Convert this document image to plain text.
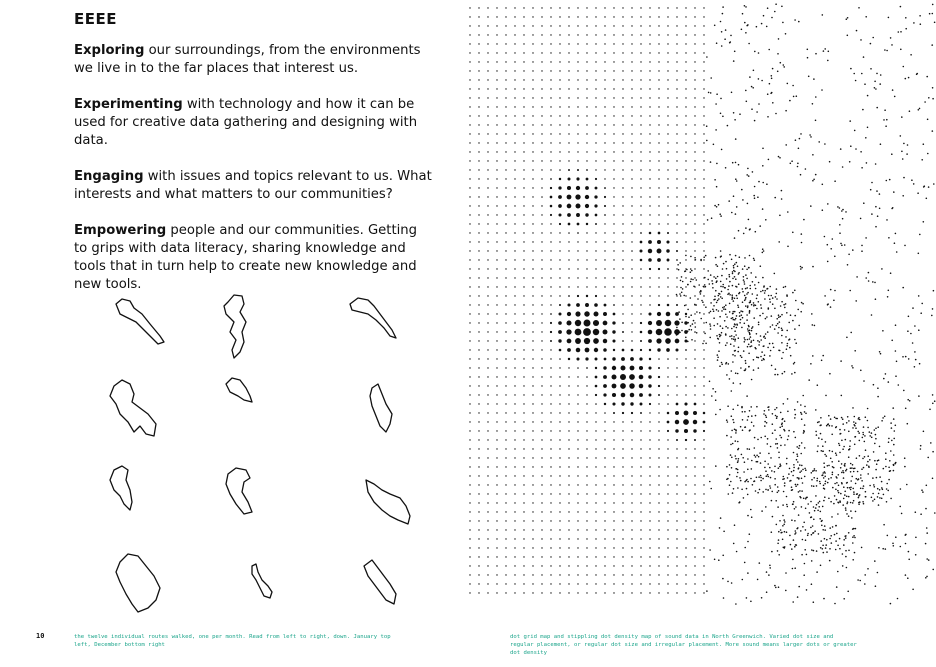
EEEE

Exploring our surroundings, from the environments we live in to the far places that interest us.

Experimenting with technology and how it can be used for creative data gathering and designing with data.

Engaging with issues and topics relevant to us. What interests and what matters to our communities?

Empowering people and our communities. Getting to grips with data literacy, sharing knowledge and tools that in turn help to create new knowledge and new tools.

10	the twelve individual routes walked, one per month. Read from left to right, down. January top left, December bottom right
dot grid map and stippling dot density map of sound data in North Greenwich. Varied dot size and regular placement, or regular dot size and irregular placement. More sound means larger dots or greater dot density
